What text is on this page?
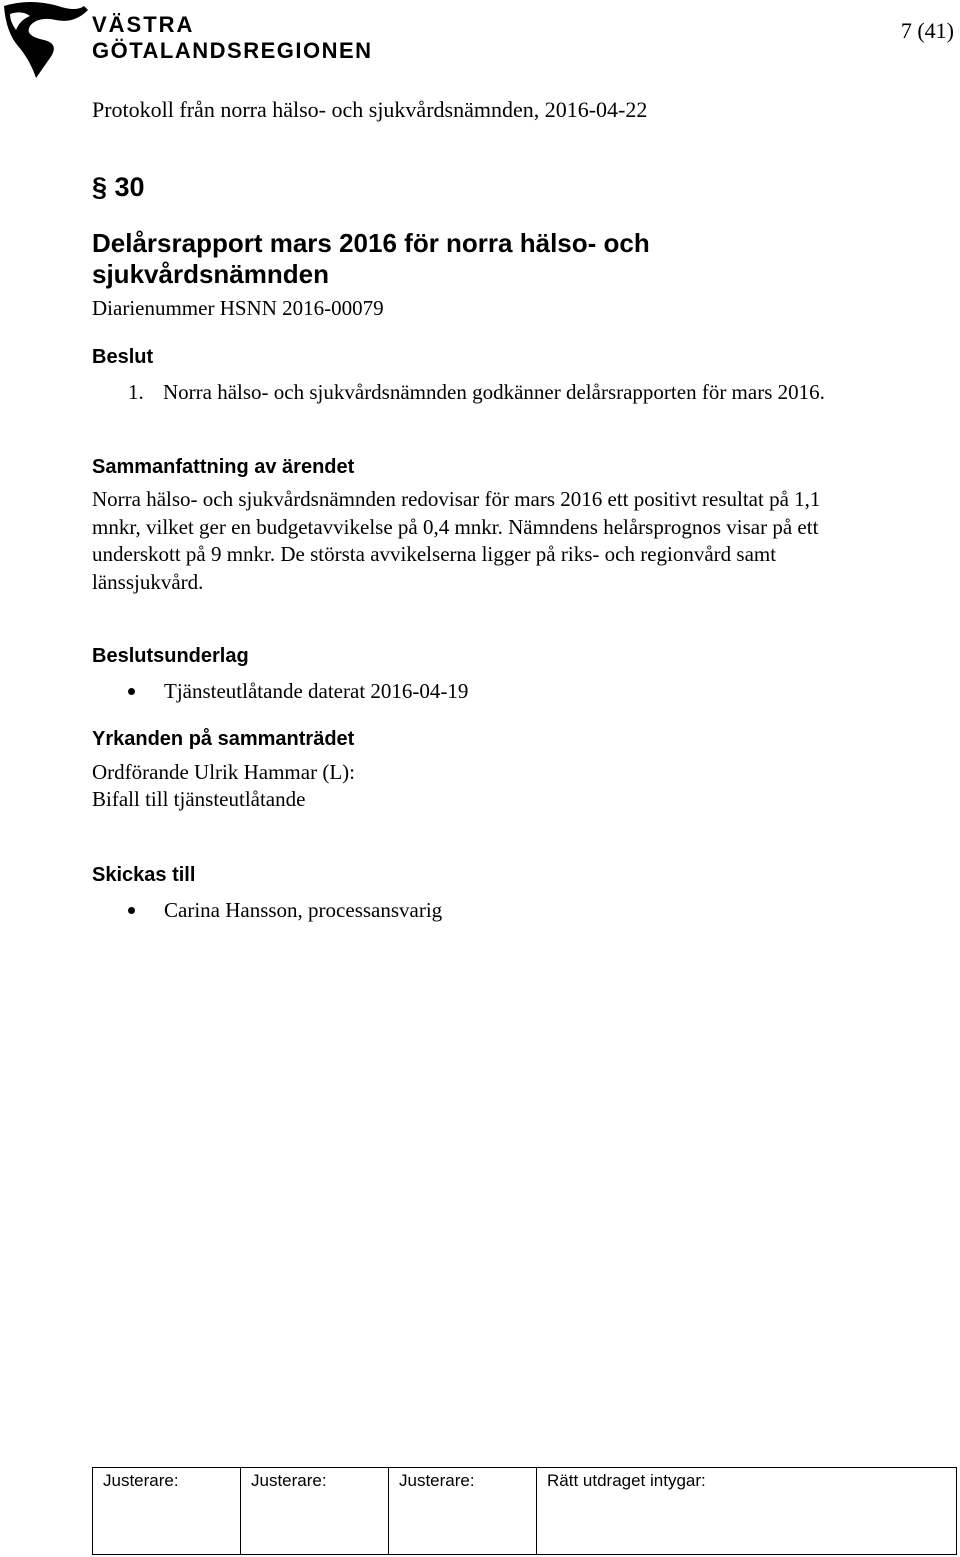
VÄSTRA
GÖTALANDSREGIONEN
7 (41)
Protokoll från norra hälso- och sjukvårdsnämnden, 2016-04-22
§ 30
Delårsrapport mars 2016 för norra hälso- och sjukvårdsnämnden
Diarienummer HSNN 2016-00079
Beslut
1. Norra hälso- och sjukvårdsnämnden godkänner delårsrapporten för mars 2016.
Sammanfattning av ärendet
Norra hälso- och sjukvårdsnämnden redovisar för mars 2016 ett positivt resultat på 1,1 mnkr, vilket ger en budgetavvikelse på 0,4 mnkr. Nämndens helårsprognos visar på ett underskott på 9 mnkr. De största avvikelserna ligger på riks- och regionvård samt länssjukvård.
Beslutsunderlag
Tjänsteutlåtande daterat 2016-04-19
Yrkanden på sammanträdet
Ordförande Ulrik Hammar (L):
Bifall till tjänsteutlåtande
Skickas till
Carina Hansson, processansvarig
Justerare:	Justerare:	Justerare:	Rätt utdraget intygar:
